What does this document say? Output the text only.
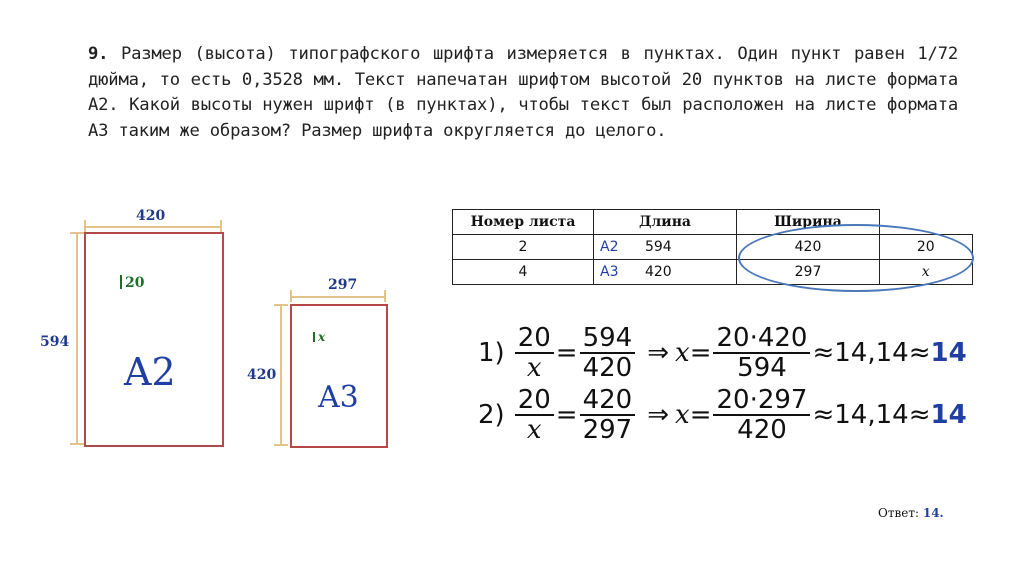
9. Размер (высота) типографского шрифта измеряется в пунктах. Один пункт равен 1/72 дюйма, то есть 0,3528 мм. Текст напечатан шрифтом высотой 20 пунктов на листе формата А2. Какой высоты нужен шрифт (в пунктах), чтобы текст был расположен на листе формата А3 таким же образом? Размер шрифта округляется до целого.
420
594
20
A2
297
420
x
A3
Номер листа	Длина	Ширина	
2	A2 594	420	20
4	A3 420	297	x
$1) \frac{20}{x} = \frac{594}{420}$ ⇒ $x = \frac{20\cdot 420}{594} \approx 14,14 \approx 14$
$2) \frac{20}{x} = \frac{420}{297}$ ⇒ $x = \frac{20\cdot 297}{420} \approx 14,14 \approx 14$
Ответ: 14.
